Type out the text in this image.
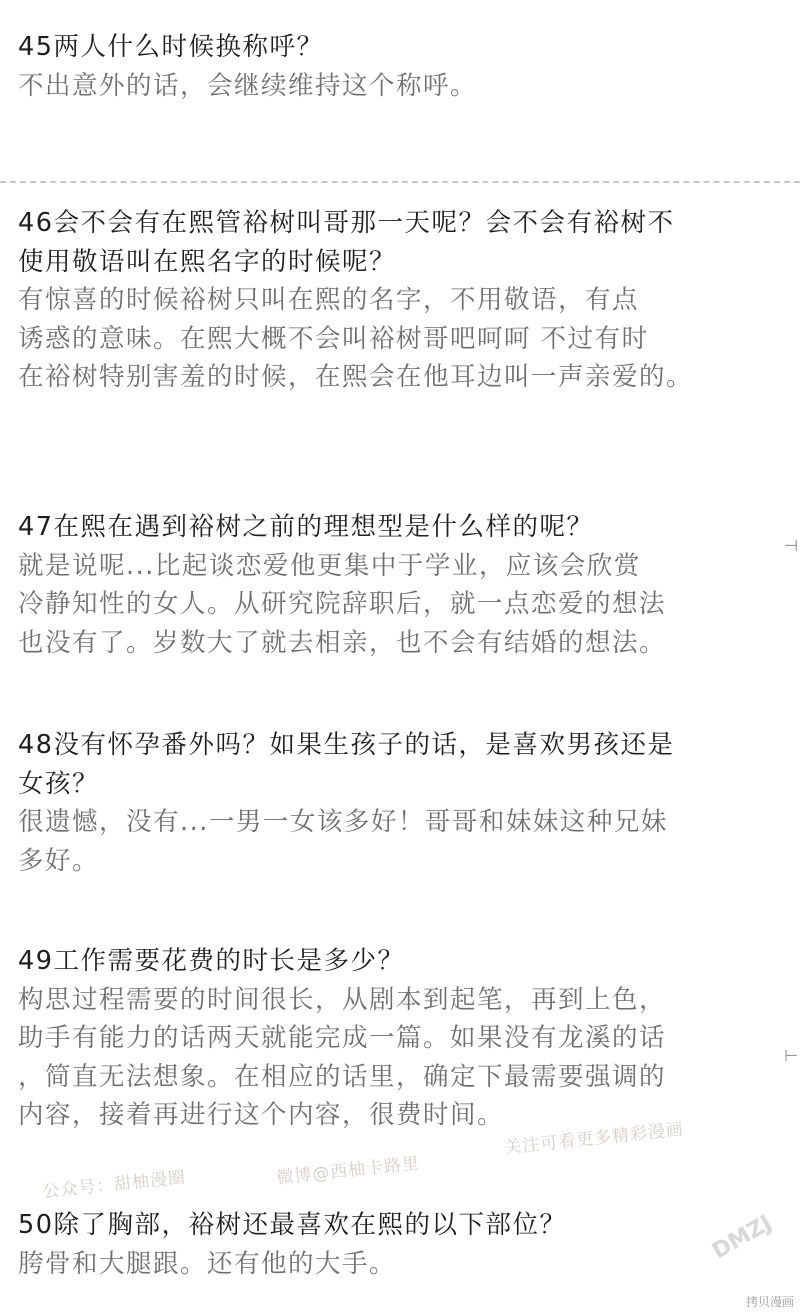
45两人什么时候换称呼？
不出意外的话，会继续维持这个称呼。
46会不会有在熙管裕树叫哥那一天呢？会不会有裕树不
使用敬语叫在熙名字的时候呢？
有惊喜的时候裕树只叫在熙的名字，不用敬语，有点
诱惑的意味。在熙大概不会叫裕树哥吧呵呵 不过有时
在裕树特别害羞的时候，在熙会在他耳边叫一声亲爱的。
47在熙在遇到裕树之前的理想型是什么样的呢？
就是说呢...比起谈恋爱他更集中于学业，应该会欣赏
冷静知性的女人。从研究院辞职后，就一点恋爱的想法
也没有了。岁数大了就去相亲，也不会有结婚的想法。
48没有怀孕番外吗？如果生孩子的话，是喜欢男孩还是
女孩？
很遗憾，没有...一男一女该多好！哥哥和妹妹这种兄妹
多好。
49工作需要花费的时长是多少？
构思过程需要的时间很长，从剧本到起笔，再到上色，
助手有能力的话两天就能完成一篇。如果没有龙溪的话
，简直无法想象。在相应的话里，确定下最需要强调的
内容，接着再进行这个内容，很费时间。
50除了胸部，裕树还最喜欢在熙的以下部位？
胯骨和大腿跟。还有他的大手。
公众号：甜柚漫圈	微博@西柚卡路里
关注可看更多精彩漫画
DMZJ
⊣
⊢
拷贝漫画
